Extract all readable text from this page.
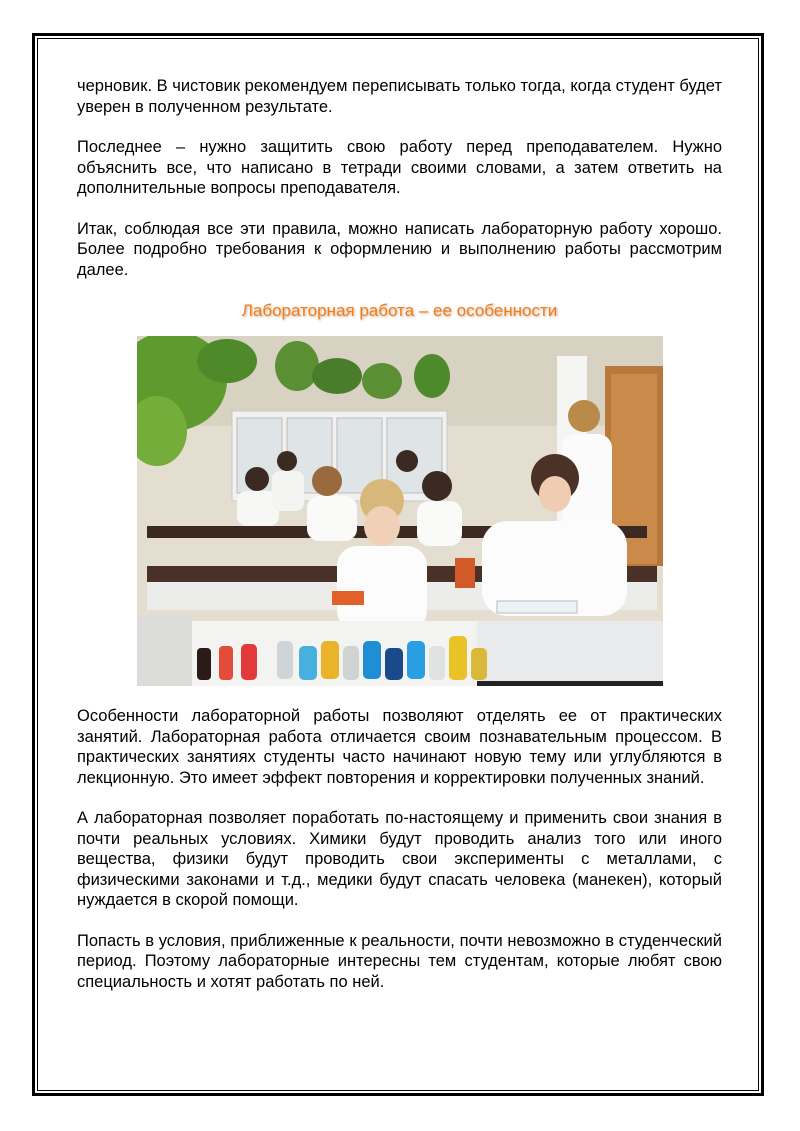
черновик. В чистовик рекомендуем переписывать только тогда, когда студент будет уверен в полученном результате.

Последнее – нужно защитить свою работу перед преподавателем. Нужно объяснить все, что написано в тетради своими словами, а затем ответить на дополнительные вопросы преподавателя.

Итак, соблюдая все эти правила, можно написать лабораторную работу хорошо. Более подробно требования к оформлению и выполнению работы рассмотрим далее.

Лабораторная работа – ее особенности

Особенности лабораторной работы позволяют отделять ее от практических занятий. Лабораторная работа отличается своим познавательным процессом. В практических занятиях студенты часто начинают новую тему или углубляются в лекционную. Это имеет эффект повторения и корректировки полученных знаний.

А лабораторная позволяет поработать по-настоящему и применить свои знания в почти реальных условиях. Химики будут проводить анализ того или иного вещества, физики будут проводить свои эксперименты с металлами, с физическими законами и т.д., медики будут спасать человека (манекен), который нуждается в скорой помощи.

Попасть в условия, приближенные к реальности, почти невозможно в студенческий период. Поэтому лабораторные интересны тем студентам, которые любят свою специальность и хотят работать по ней.
